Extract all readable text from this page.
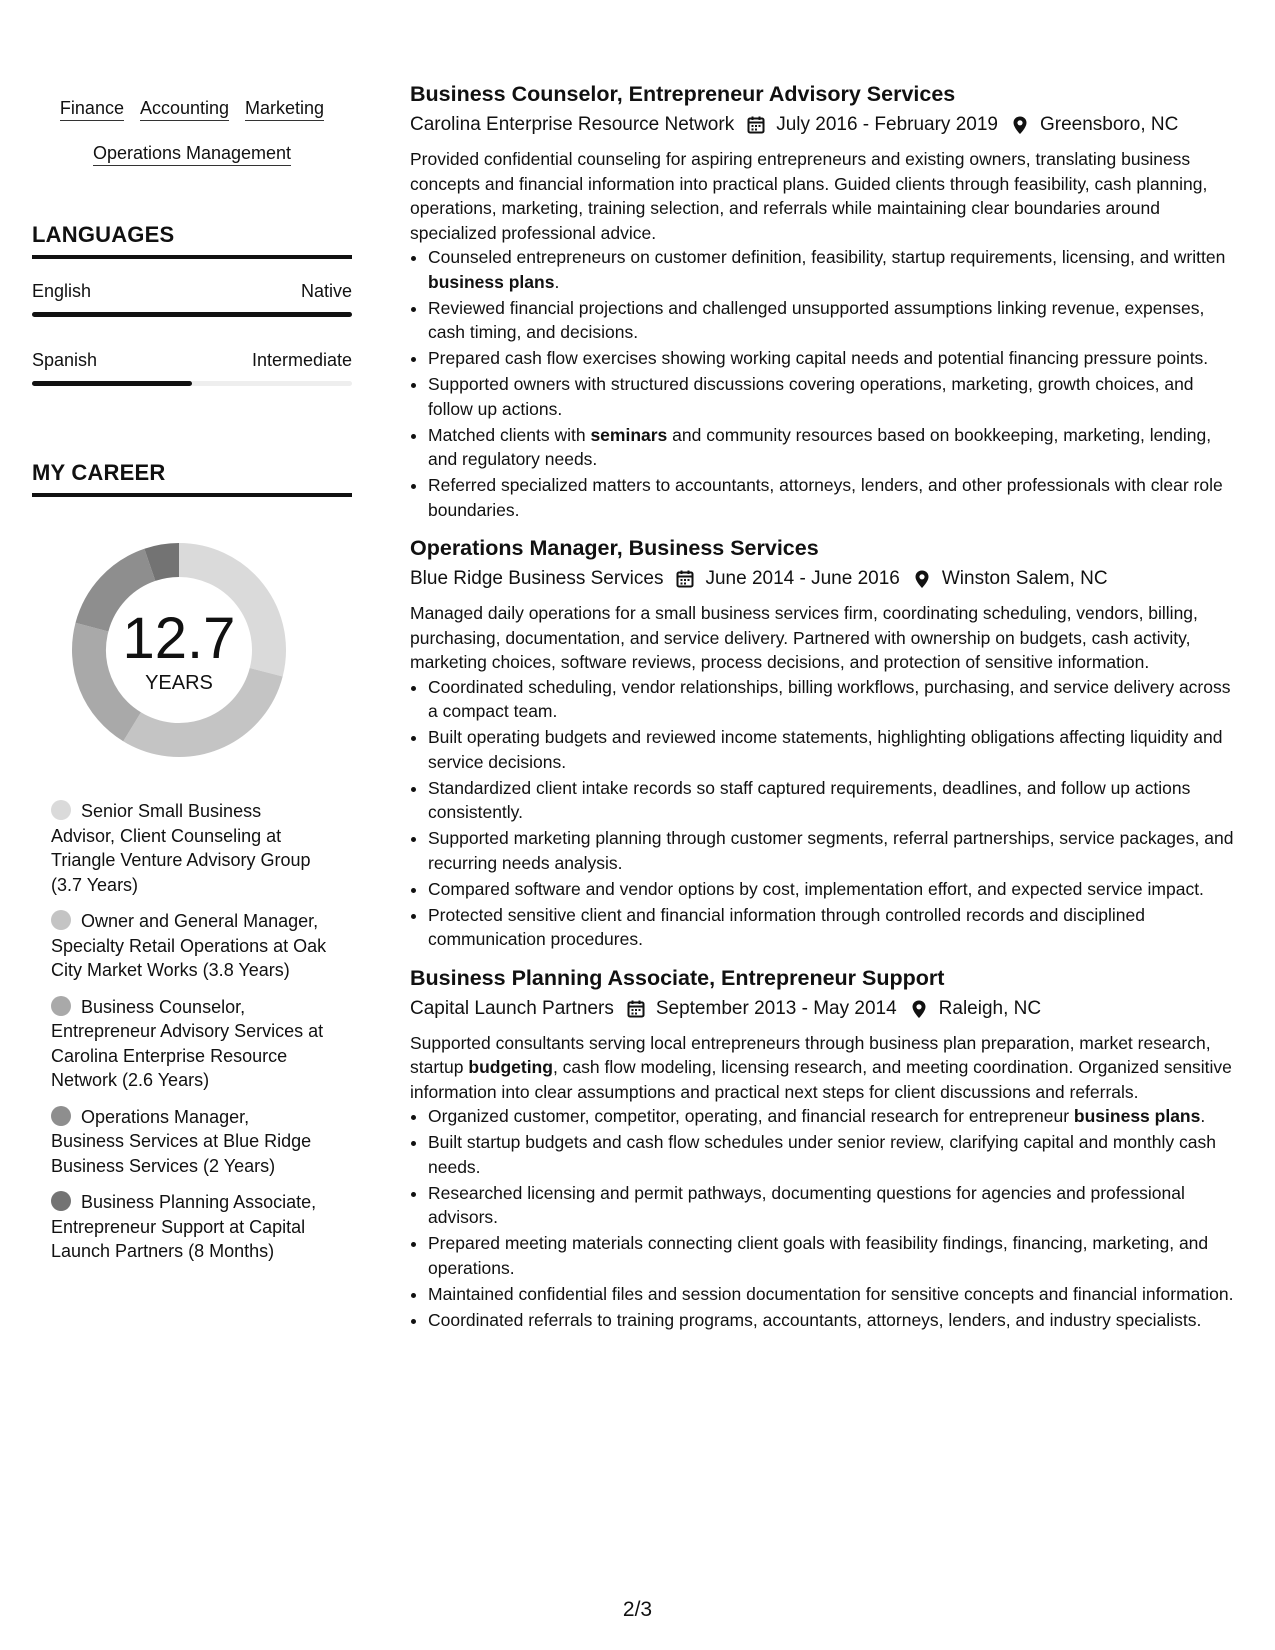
Finance Accounting Marketing
Operations Management
LANGUAGES
English	Native
Spanish	Intermediate
MY CAREER
12.7
YEARS
Senior Small Business Advisor, Client Counseling at Triangle Venture Advisory Group (3.7 Years)
Owner and General Manager, Specialty Retail Operations at Oak City Market Works (3.8 Years)
Business Counselor, Entrepreneur Advisory Services at Carolina Enterprise Resource Network (2.6 Years)
Operations Manager, Business Services at Blue Ridge Business Services (2 Years)
Business Planning Associate, Entrepreneur Support at Capital Launch Partners (8 Months)
Business Counselor, Entrepreneur Advisory Services
Carolina Enterprise Resource Network July 2016 - February 2019 Greensboro, NC

Provided confidential counseling for aspiring entrepreneurs and existing owners, translating business concepts and financial information into practical plans. Guided clients through feasibility, cash planning, operations, marketing, training selection, and referrals while maintaining clear boundaries around specialized professional advice.

• Counseled entrepreneurs on customer definition, feasibility, startup requirements, licensing, and written business plans.
• Reviewed financial projections and challenged unsupported assumptions linking revenue, expenses, cash timing, and decisions.
• Prepared cash flow exercises showing working capital needs and potential financing pressure points.
• Supported owners with structured discussions covering operations, marketing, growth choices, and follow up actions.
• Matched clients with seminars and community resources based on bookkeeping, marketing, lending, and regulatory needs.
• Referred specialized matters to accountants, attorneys, lenders, and other professionals with clear role boundaries.
Operations Manager, Business Services
Blue Ridge Business Services June 2014 - June 2016 Winston Salem, NC

Managed daily operations for a small business services firm, coordinating scheduling, vendors, billing, purchasing, documentation, and service delivery. Partnered with ownership on budgets, cash activity, marketing choices, software reviews, process decisions, and protection of sensitive information.

• Coordinated scheduling, vendor relationships, billing workflows, purchasing, and service delivery across a compact team.
• Built operating budgets and reviewed income statements, highlighting obligations affecting liquidity and service decisions.
• Standardized client intake records so staff captured requirements, deadlines, and follow up actions consistently.
• Supported marketing planning through customer segments, referral partnerships, service packages, and recurring needs analysis.
• Compared software and vendor options by cost, implementation effort, and expected service impact.
• Protected sensitive client and financial information through controlled records and disciplined communication procedures.
Business Planning Associate, Entrepreneur Support
Capital Launch Partners September 2013 - May 2014 Raleigh, NC

Supported consultants serving local entrepreneurs through business plan preparation, market research, startup budgeting, cash flow modeling, licensing research, and meeting coordination. Organized sensitive information into clear assumptions and practical next steps for client discussions and referrals.

• Organized customer, competitor, operating, and financial research for entrepreneur business plans.
• Built startup budgets and cash flow schedules under senior review, clarifying capital and monthly cash needs.
• Researched licensing and permit pathways, documenting questions for agencies and professional advisors.
• Prepared meeting materials connecting client goals with feasibility findings, financing, marketing, and operations.
• Maintained confidential files and session documentation for sensitive concepts and financial information.
• Coordinated referrals to training programs, accountants, attorneys, lenders, and industry specialists.
2/3
